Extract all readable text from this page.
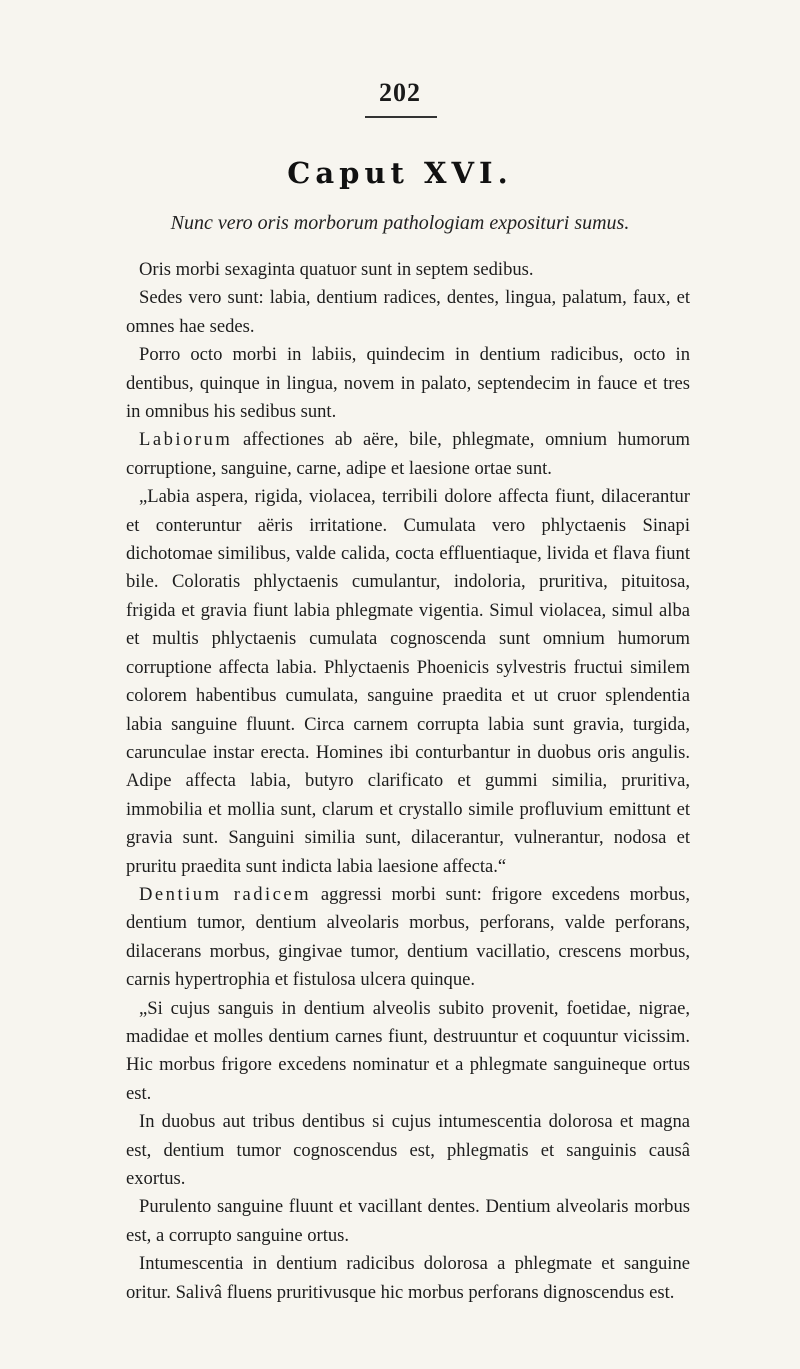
202
Caput XVI.
Nunc vero oris morborum pathologiam exposituri sumus.

Oris morbi sexaginta quatuor sunt in septem sedibus.

Sedes vero sunt: labia, dentium radices, dentes, lingua, palatum, faux, et omnes hae sedes.

Porro octo morbi in labiis, quindecim in dentium radicibus, octo in dentibus, quinque in lingua, novem in palato, septendecim in fauce et tres in omnibus his sedibus sunt.

Labiorum affectiones ab aëre, bile, phlegmate, omnium humorum corruptione, sanguine, carne, adipe et laesione ortae sunt.

„Labia aspera, rigida, violacea, terribili dolore affecta fiunt, dilacerantur et conteruntur aëris irritatione. Cumulata vero phlyctaenis Sinapi dichotomae similibus, valde calida, cocta effluentiaque, livida et flava fiunt bile. Coloratis phlyctaenis cumulantur, indoloria, pruritiva, pituitosa, frigida et gravia fiunt labia phlegmate vigentia. Simul violacea, simul alba et multis phlyctaenis cumulata cognoscenda sunt omnium humorum corruptione affecta labia. Phlyctaenis Phoenicis sylvestris fructui similem colorem habentibus cumulata, sanguine praedita et ut cruor splendentia labia sanguine fluunt. Circa carnem corrupta labia sunt gravia, turgida, carunculae instar erecta. Homines ibi conturbantur in duobus oris angulis. Adipe affecta labia, butyro clarificato et gummi similia, pruritiva, immobilia et mollia sunt, clarum et crystallo simile profluvium emittunt et gravia sunt. Sanguini similia sunt, dilacerantur, vulnerantur, nodosa et pruritu praedita sunt indicta labia laesione affecta.“

Dentium radicem aggressi morbi sunt: frigore excedens morbus, dentium tumor, dentium alveolaris morbus, perforans, valde perforans, dilacerans morbus, gingivae tumor, dentium vacillatio, crescens morbus, carnis hypertrophia et fistulosa ulcera quinque.

„Si cujus sanguis in dentium alveolis subito provenit, foetidae, nigrae, madidae et molles dentium carnes fiunt, destruuntur et coquuntur vicissim. Hic morbus frigore excedens nominatur et a phlegmate sanguineque ortus est.

In duobus aut tribus dentibus si cujus intumescentia dolorosa et magna est, dentium tumor cognoscendus est, phlegmatis et sanguinis causâ exortus.

Purulento sanguine fluunt et vacillant dentes. Dentium alveolaris morbus est, a corrupto sanguine ortus.

Intumescentia in dentium radicibus dolorosa a phlegmate et sanguine oritur. Salivâ fluens pruritivusque hic morbus perforans dignoscendus est.
